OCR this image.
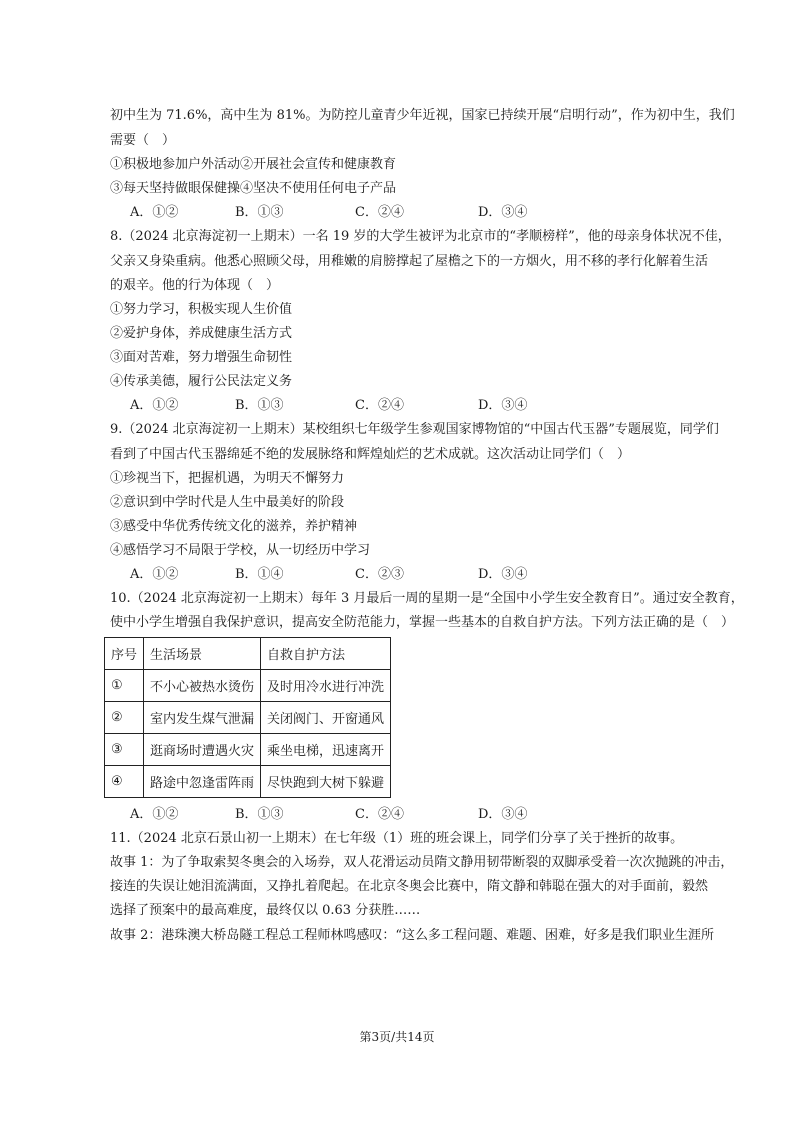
初中生为 71.6%，高中生为 81%。为防控儿童青少年近视，国家已持续开展“启明行动”，作为初中生，我们
需要（　）
①积极地参加户外活动②开展社会宣传和健康教育
③每天坚持做眼保健操④坚决不使用任何电子产品
A．①②	B．①③	C．②④	D．③④
8.（2024 北京海淀初一上期末）一名 19 岁的大学生被评为北京市的“孝顺榜样”，他的母亲身体状况不佳，
父亲又身染重病。他悉心照顾父母，用稚嫩的肩膀撑起了屋檐之下的一方烟火，用不移的孝行化解着生活
的艰辛。他的行为体现（　）
①努力学习，积极实现人生价值
②爱护身体，养成健康生活方式
③面对苦难，努力增强生命韧性
④传承美德，履行公民法定义务
A．①②	B．①③	C．②④	D．③④
9.（2024 北京海淀初一上期末）某校组织七年级学生参观国家博物馆的“中国古代玉器”专题展览，同学们
看到了中国古代玉器绵延不绝的发展脉络和辉煌灿烂的艺术成就。这次活动让同学们（　）
①珍视当下，把握机遇，为明天不懈努力
②意识到中学时代是人生中最美好的阶段
③感受中华优秀传统文化的滋养，养护精神
④感悟学习不局限于学校，从一切经历中学习
A．①②	B．①④	C．②③	D．③④
10.（2024 北京海淀初一上期末）每年 3 月最后一周的星期一是“全国中小学生安全教育日”。通过安全教育，
使中小学生增强自我保护意识，提高安全防范能力，掌握一些基本的自救自护方法。下列方法正确的是（　）
序号	生活场景	自救自护方法
①	不小心被热水烫伤	及时用冷水进行冲洗
②	室内发生煤气泄漏	关闭阀门、开窗通风
③	逛商场时遭遇火灾	乘坐电梯，迅速离开
④	路途中忽逢雷阵雨	尽快跑到大树下躲避
A．①②	B．①③	C．②④	D．③④
11.（2024 北京石景山初一上期末）在七年级（1）班的班会课上，同学们分享了关于挫折的故事。
故事 1：为了争取索契冬奥会的入场券，双人花滑运动员隋文静用韧带断裂的双脚承受着一次次抛跳的冲击，
接连的失误让她泪流满面，又挣扎着爬起。在北京冬奥会比赛中，隋文静和韩聪在强大的对手面前，毅然
选择了预案中的最高难度，最终仅以 0.63 分获胜……
故事 2：港珠澳大桥岛隧工程总工程师林鸣感叹：“这么多工程问题、难题、困难，好多是我们职业生涯所
第3页/共14页
